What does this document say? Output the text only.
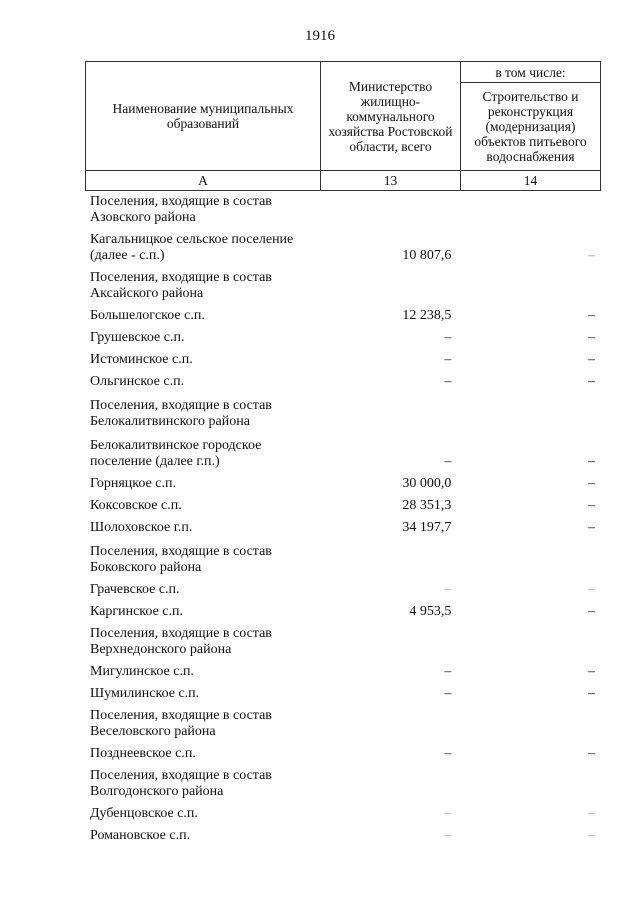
1916
Наименование муниципальных образований	Министерство жилищно-коммунального хозяйства Ростовской области, всего	в том числе:
		Строительство и реконструкция (модернизация) объектов питьевого водоснабжения
А	13	14
Поселения, входящие в состав Азовского района
Кагальницкое сельское поселение (далее - с.п.)	10 807,6	–
Поселения, входящие в состав Аксайского района
Большелогское с.п.	12 238,5	–
Грушевское с.п.	–	–
Истоминское с.п.	–	–
Ольгинское с.п.	–	–
Поселения, входящие в состав Белокалитвинского района
Белокалитвинское городское поселение (далее г.п.)	–	–
Горняцкое с.п.	30 000,0	–
Коксовское с.п.	28 351,3	–
Шолоховское г.п.	34 197,7	–
Поселения, входящие в состав Боковского района
Грачевское с.п.	–	–
Каргинское с.п.	4 953,5	–
Поселения, входящие в состав Верхнедонского района
Мигулинское с.п.	–	–
Шумилинское с.п.	–	–
Поселения, входящие в состав Веселовского района
Позднеевское с.п.	–	–
Поселения, входящие в состав Волгодонского района
Дубенцовское с.п.	–	–
Романовское с.п.	–	–
